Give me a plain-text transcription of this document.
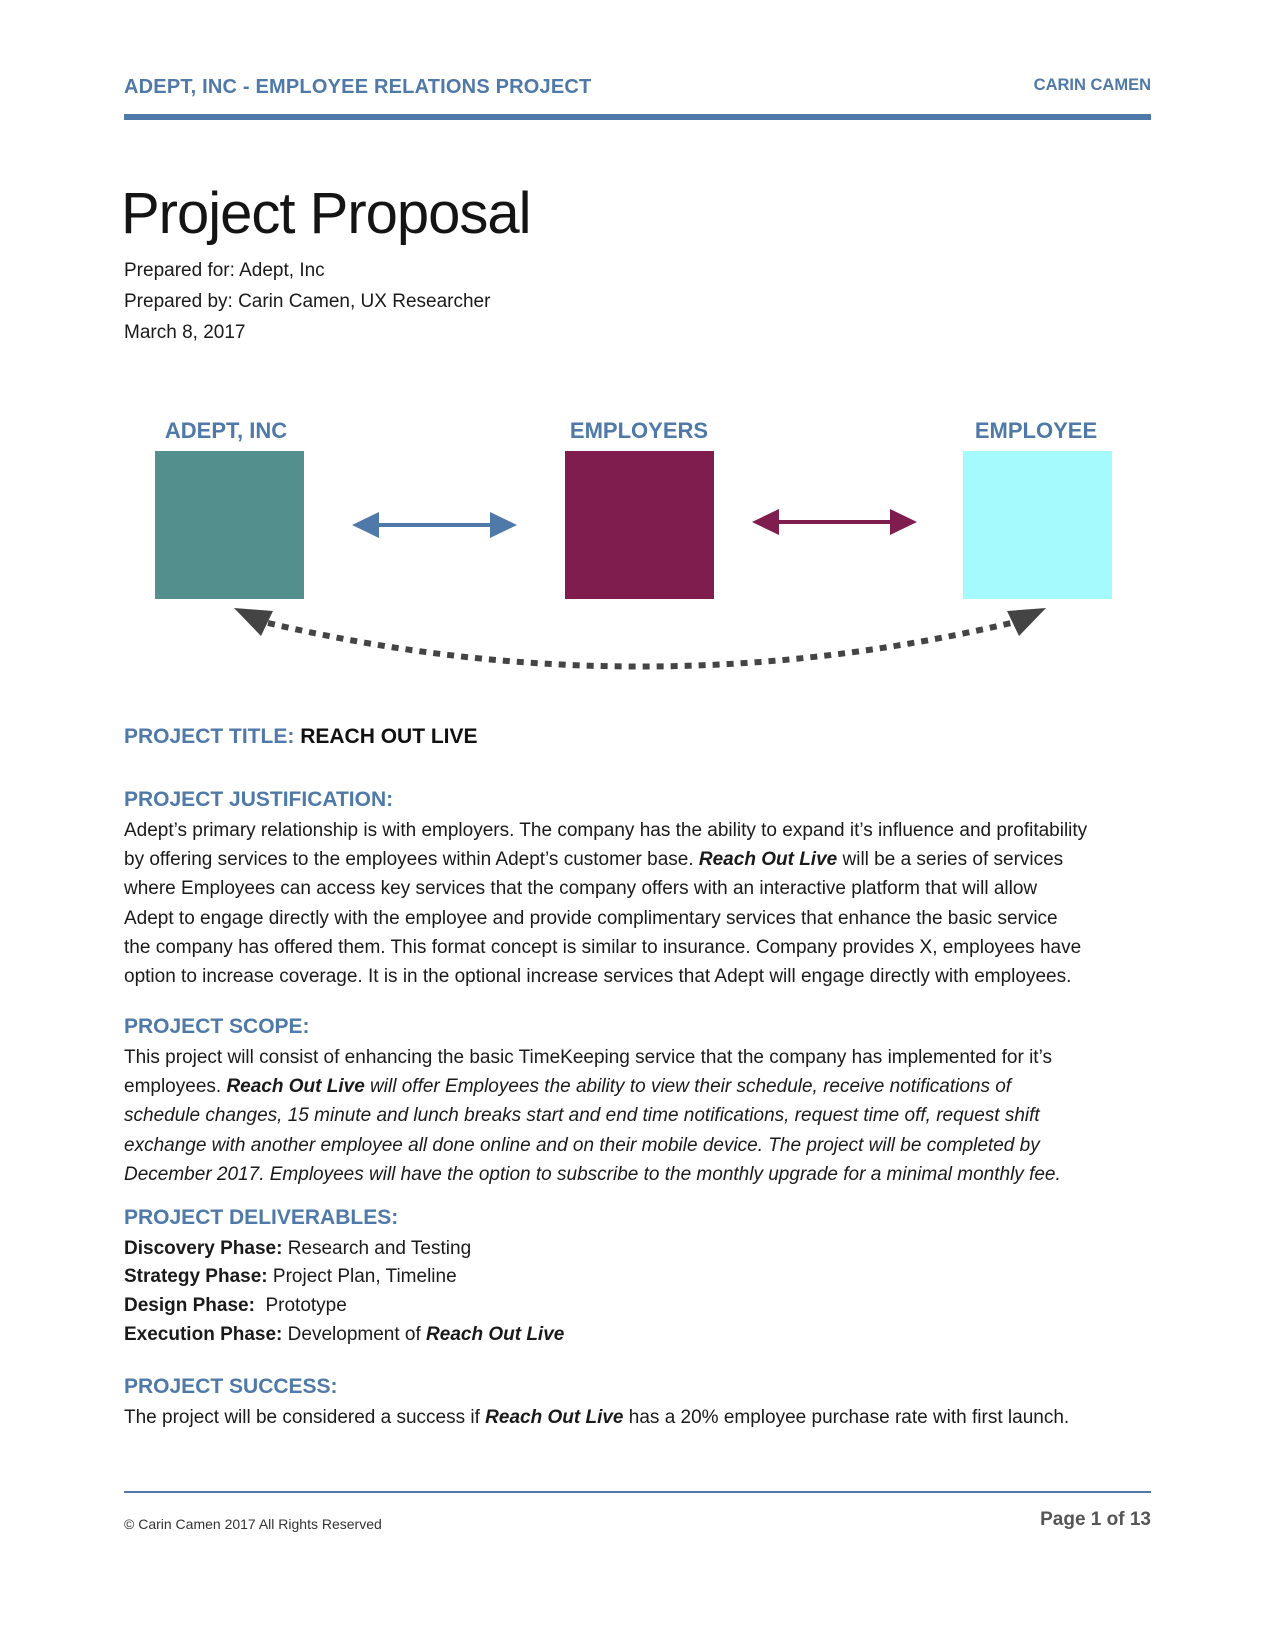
ADEPT, INC - EMPLOYEE RELATIONS PROJECT	CARIN CAMEN
Project Proposal
Prepared for: Adept, Inc
Prepared by: Carin Camen, UX Researcher
March 8, 2017
ADEPT, INC	EMPLOYERS	EMPLOYEE
PROJECT TITLE: REACH OUT LIVE
PROJECT JUSTIFICATION:
Adept’s primary relationship is with employers. The company has the ability to expand it’s influence and profitability
by offering services to the employees within Adept’s customer base. Reach Out Live will be a series of services
where Employees can access key services that the company offers with an interactive platform that will allow
Adept to engage directly with the employee and provide complimentary services that enhance the basic service
the company has offered them. This format concept is similar to insurance. Company provides X, employees have
option to increase coverage. It is in the optional increase services that Adept will engage directly with employees.
PROJECT SCOPE:
This project will consist of enhancing the basic TimeKeeping service that the company has implemented for it’s
employees. Reach Out Live will offer Employees the ability to view their schedule, receive notifications of
schedule changes, 15 minute and lunch breaks start and end time notifications, request time off, request shift
exchange with another employee all done online and on their mobile device. The project will be completed by
December 2017. Employees will have the option to subscribe to the monthly upgrade for a minimal monthly fee.
PROJECT DELIVERABLES:
Discovery Phase: Research and Testing
Strategy Phase: Project Plan, Timeline
Design Phase:  Prototype
Execution Phase: Development of Reach Out Live
PROJECT SUCCESS:
The project will be considered a success if Reach Out Live has a 20% employee purchase rate with first launch.
© Carin Camen 2017 All Rights Reserved	Page 1 of 13
